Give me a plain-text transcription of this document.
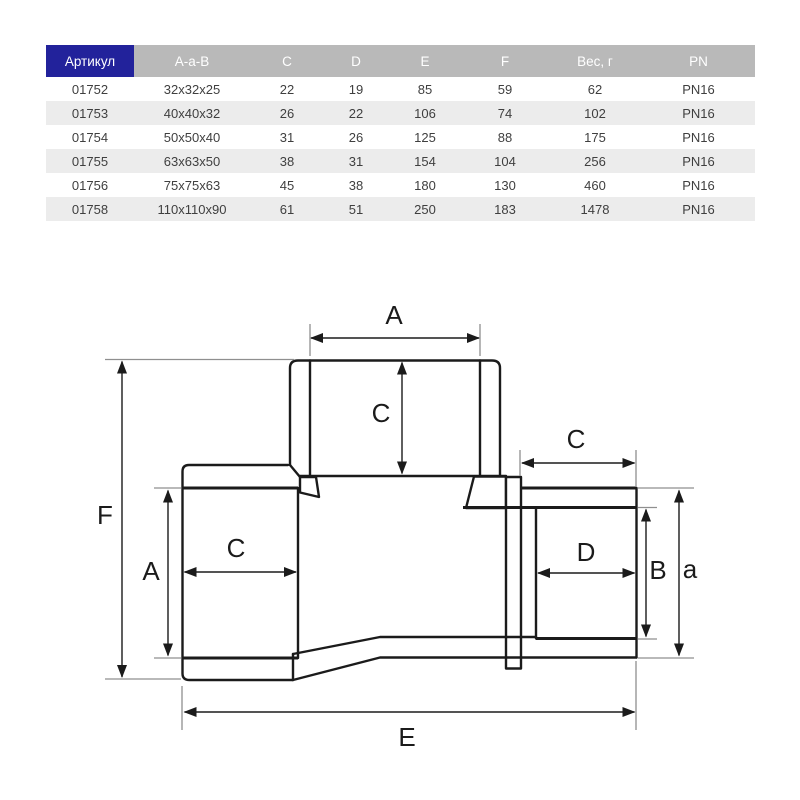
Артикул	A-a-B	C	D	E	F	Вес, г	PN
01752	32x32x25	22	19	85	59	62	PN16
01753	40x40x32	26	22	106	74	102	PN16
01754	50x50x40	31	26	125	88	175	PN16
01755	63x63x50	38	31	154	104	256	PN16
01756	75x75x63	45	38	180	130	460	PN16
01758	110x110x90	61	51	250	183	1478	PN16
A
C
C
F
A
C	D
B a
E
